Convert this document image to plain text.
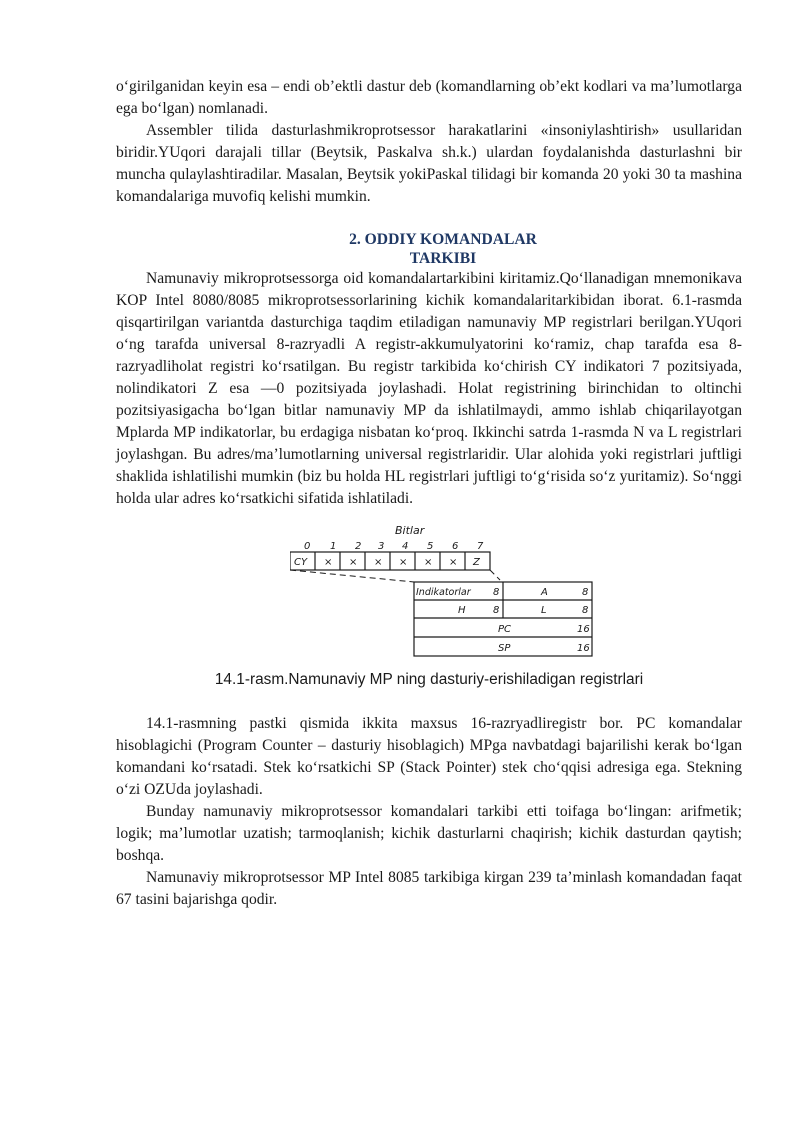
o‘girilganidan keyin esa – endi ob’ektli dastur deb (komandlarning ob’ekt kodlari va ma’lumotlarga ega bo‘lgan) nomlanadi.

Assembler tilida dasturlashmikroprotsessor harakatlarini «insoniylashtirish» usullaridan biridir.YUqori darajali tillar (Beytsik, Paskalva sh.k.) ulardan foydalanishda dasturlashni bir muncha qulaylashtiradilar. Masalan, Beytsik yokiPaskal tilidagi bir komanda 20 yoki 30 ta mashina komandalariga muvofiq kelishi mumkin.

2. ODDIY KOMANDALAR

TARKIBI

Namunaviy mikroprotsessorga oid komandalartarkibini kiritamiz.Qo‘llanadigan mnemonikava KOP Intel 8080/8085 mikroprotsessorlarining kichik komandalaritarkibidan iborat. 6.1-rasmda qisqartirilgan variantda dasturchiga taqdim etiladigan namunaviy MP registrlari berilgan.YUqori o‘ng tarafda universal 8-razryadli A registr-akkumulyatorini ko‘ramiz, chap tarafda esa 8-razryadliholat registri ko‘rsatilgan. Bu registr tarkibida ko‘chirish CY indikatori 7 pozitsiyada, nolindikatori Z esa —0 pozitsiyada joylashadi. Holat registrining birinchidan to oltinchi pozitsiyasigacha bo‘lgan bitlar namunaviy MP da ishlatilmaydi, ammo ishlab chiqarilayotgan Mplarda MP indikatorlar, bu erdagiga nisbatan ko‘proq. Ikkinchi satrda 1-rasmda N va L registrlari joylashgan. Bu adres/ma’lumotlarning universal registrlaridir. Ular alohida yoki registrlari juftligi shaklida ishlatilishi mumkin (biz bu holda HL registrlari juftligi to‘g‘risida so‘z yuritamiz). So‘nggi holda ular adres ko‘rsatkichi sifatida ishlatiladi.

Bitlar
0 1 2 3 4 5 6 7
CY × × × × × × Z
Indikatorlar 8	A	8
H	8	L	8
PC	16
SP	16

14.1-rasm.Namunaviy MP ning dasturiy-erishiladigan registrlari

14.1-rasmning pastki qismida ikkita maxsus 16-razryadliregistr bor. PC komandalar hisoblagichi (Program Counter – dasturiy hisoblagich) MPga navbatdagi bajarilishi kerak bo‘lgan komandani ko‘rsatadi. Stek ko‘rsatkichi SP (Stack Pointer) stek cho‘qqisi adresiga ega. Stekning o‘zi OZUda joylashadi.

Bunday namunaviy mikroprotsessor komandalari tarkibi etti toifaga bo‘lingan: arifmetik; logik; ma’lumotlar uzatish; tarmoqlanish; kichik dasturlarni chaqirish; kichik dasturdan qaytish; boshqa.

Namunaviy mikroprotsessor MP Intel 8085 tarkibiga kirgan 239 ta’minlash komandadan faqat 67 tasini bajarishga qodir.
